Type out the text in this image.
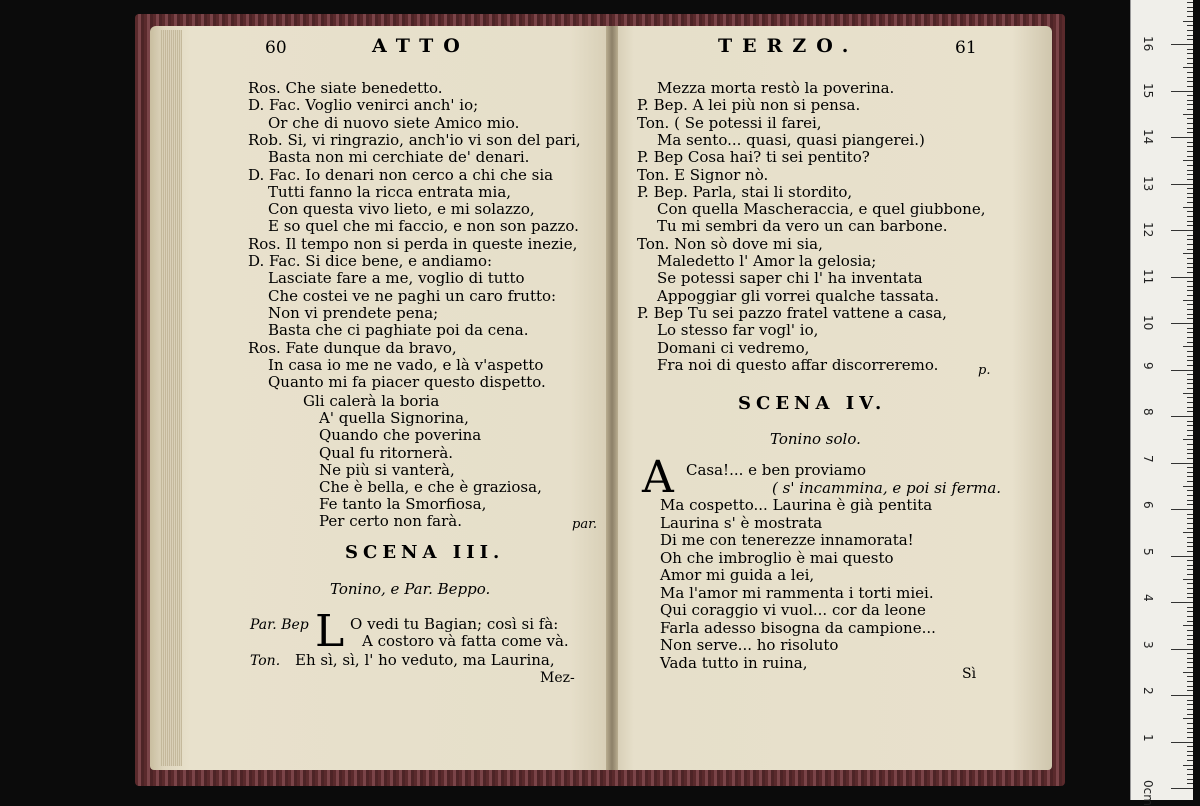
60	ATTO
Ros. Che siate benedetto.
D. Fac. Voglio venirci anch' io;
Or che di nuovo siete Amico mio.
Rob. Si, vi ringrazio, anch'io vi son del pari,
Basta non mi cerchiate de' denari.
D. Fac. Io denari non cerco a chi che sia
Tutti fanno la ricca entrata mia,
Con questa vivo lieto, e mi solazzo,
E so quel che mi faccio, e non son pazzo.
Ros. Il tempo non si perda in queste inezie,
D. Fac. Si dice bene, e andiamo:
Lasciate fare a me, voglio di tutto
Che costei ve ne paghi un caro frutto:
Non vi prendete pena;
Basta che ci paghiate poi da cena.
Ros. Fate dunque da bravo,
In casa io me ne vado, e là v'aspetto
Quanto mi fa piacer questo dispetto.
Gli calerà la boria
A' quella Signorina,
Quando che poverina
Qual fu ritornerà.
Ne più si vanterà,
Che è bella, e che è graziosa,
Fe tanto la Smorfiosa,
Per certo non farà.	par.
SCENA III.
Tonino, e Par. Beppo.
L
Par. Bep	O vedi tu Bagian; così si fà:
A costoro và fatta come và.
Ton. Eh sì, sì, l' ho veduto, ma Laurina,
Mez-
TERZO.	61
Mezza morta restò la poverina.
P. Bep. A lei più non si pensa.
Ton. ( Se potessi il farei,
Ma sento... quasi, quasi piangerei.)
P. Bep Cosa hai? ti sei pentito?
Ton. E Signor nò.
P. Bep. Parla, stai li stordito,
Con quella Mascheraccia, e quel giubbone,
Tu mi sembri da vero un can barbone.
Ton. Non sò dove mi sia,
Maledetto l' Amor la gelosia;
Se potessi saper chi l' ha inventata
Appoggiar gli vorrei qualche tassata.
P. Bep Tu sei pazzo fratel vattene a casa,
Lo stesso far vogl' io,
Domani ci vedremo,
Fra noi di questo affar discorreremo.	p.
SCENA IV.
Tonino solo.
A Casa!... e ben proviamo
( s' incammina, e poi si ferma.
Ma cospetto... Laurina è già pentita
Laurina s' è mostrata
Di me con tenerezze innamorata!
Oh che imbroglio è mai questo
Amor mi guida a lei,
Ma l'amor mi rammenta i torti miei.
Qui coraggio vi vuol... cor da leone
Farla adesso bisogna da campione...
Non serve... ho risoluto
Vada tutto in ruina,
Sì
0cm
1
2
3
4
5
6
7
8
9
10
11
12
13
14
15
16
